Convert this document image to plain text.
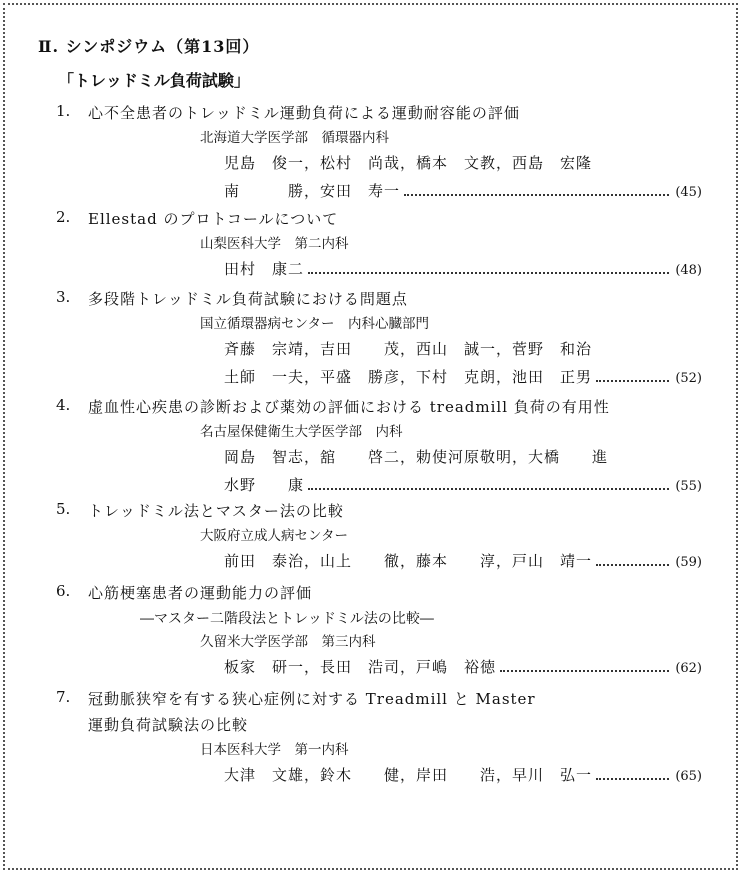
Ⅱ. シンポジウム（第13回）
「トレッドミル負荷試験」
1. 心不全患者のトレッドミル運動負荷による運動耐容能の評価
北海道大学医学部　循環器内科
児島　俊一，松村　尚哉，橋本　文教，西島　宏隆
南　　　勝，安田　寿一	(45)
2. Ellestad のプロトコールについて
山梨医科大学　第二内科
田村　康二	(48)
3. 多段階トレッドミル負荷試験における問題点
国立循環器病センター　内科心臓部門
斉藤　宗靖，吉田　　茂，西山　誠一，菅野　和治
土師　一夫，平盛　勝彦，下村　克朗，池田　正男	(52)
4. 虚血性心疾患の診断および薬効の評価における treadmill 負荷の有用性
名古屋保健衛生大学医学部　内科
岡島　智志，舘　　啓二，勅使河原敬明，大橋　　進
水野　　康	(55)
5. トレッドミル法とマスター法の比較
大阪府立成人病センター
前田　泰治，山上　　徹，藤本　　淳，戸山　靖一	(59)
6. 心筋梗塞患者の運動能力の評価
―マスター二階段法とトレッドミル法の比較―
久留米大学医学部　第三内科
板家　研一，長田　浩司，戸嶋　裕徳	(62)
7. 冠動脈狭窄を有する狭心症例に対する Treadmill と Master
運動負荷試験法の比較
日本医科大学　第一内科
大津　文雄，鈴木　　健，岸田　　浩，早川　弘一	(65)
